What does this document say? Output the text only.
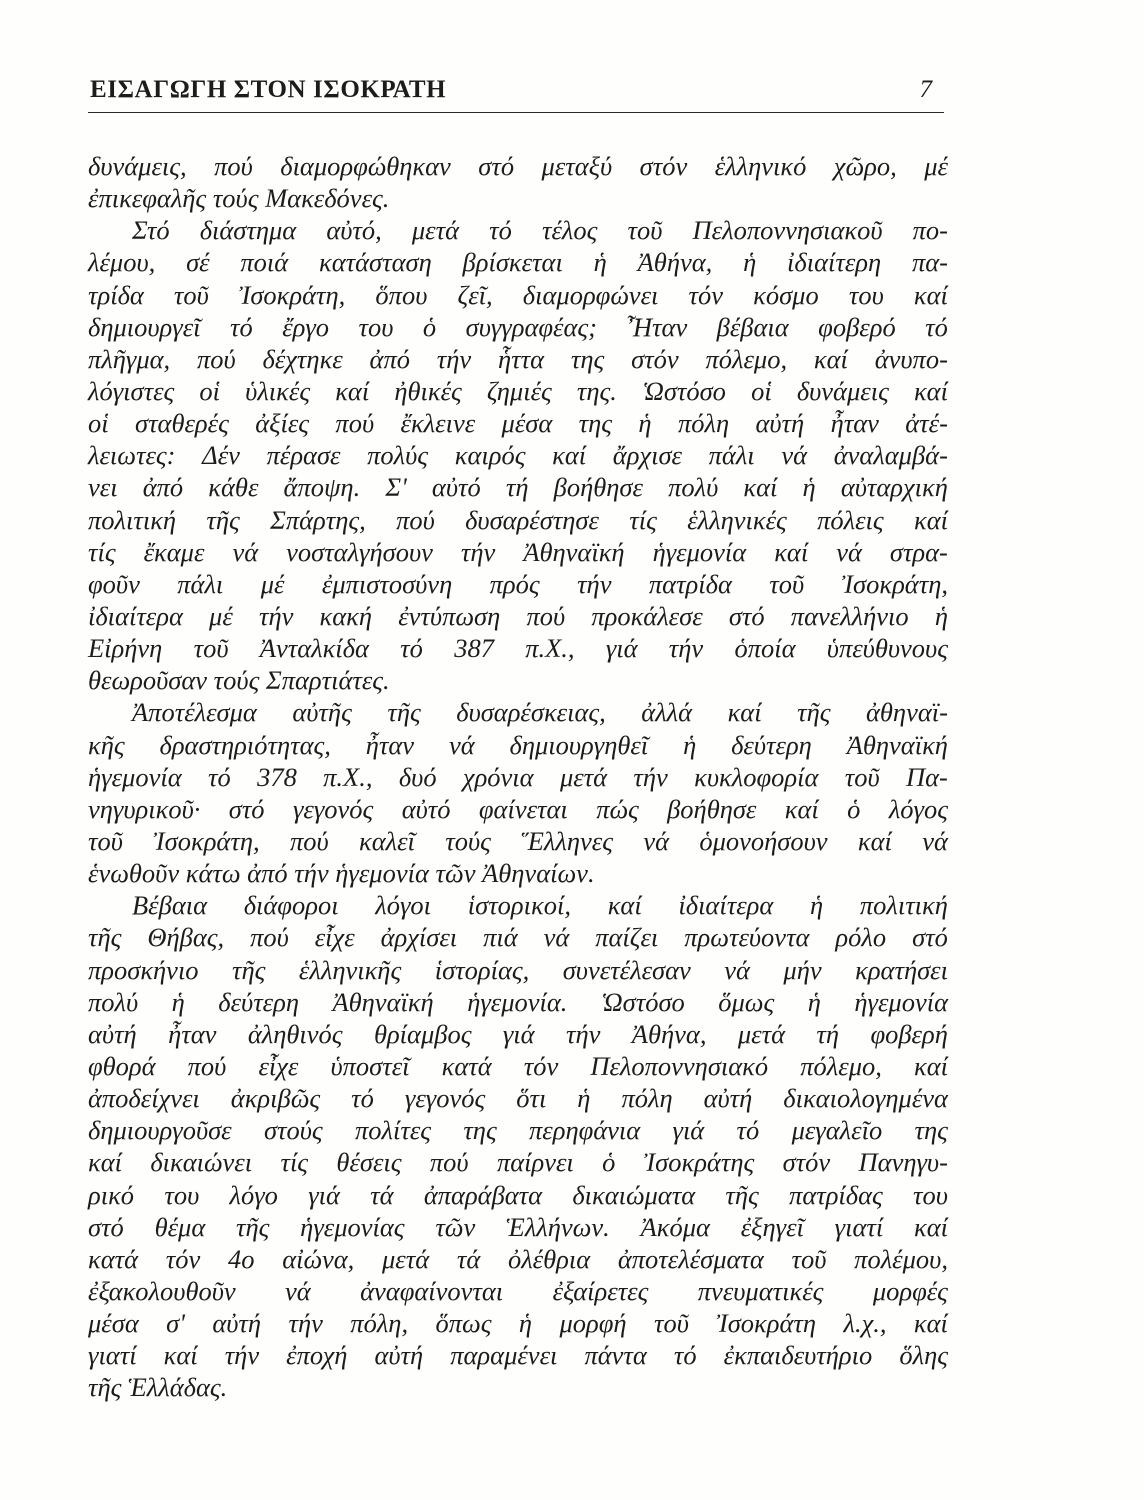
ΕΙΣΑΓΩΓΗ ΣΤΟΝ ΙΣΟΚΡΑΤΗ	7
δυνάμεις, πού διαμορφώθηκαν στό μεταξύ στόν ἑλληνικό χῶρο, μέ
ἐπικεφαλῆς τούς Μακεδόνες.
Στό διάστημα αὐτό, μετά τό τέλος τοῦ Πελοποννησιακοῦ πο-
λέμου, σέ ποιά κατάσταση βρίσκεται ἡ Ἀθήνα, ἡ ἰδιαίτερη πα-
τρίδα τοῦ Ἰσοκράτη, ὅπου ζεῖ, διαμορφώνει τόν κόσμο του καί
δημιουργεῖ τό ἔργο του ὁ συγγραφέας; Ἦταν βέβαια φοβερό τό
πλῆγμα, πού δέχτηκε ἀπό τήν ἧττα της στόν πόλεμο, καί ἀνυπο-
λόγιστες οἱ ὑλικές καί ἠθικές ζημιές της. Ὡστόσο οἱ δυνάμεις καί
οἱ σταθερές ἀξίες πού ἔκλεινε μέσα της ἡ πόλη αὐτή ἦταν ἀτέ-
λειωτες: Δέν πέρασε πολύς καιρός καί ἄρχισε πάλι νά ἀναλαμβά-
νει ἀπό κάθε ἄποψη. Σ' αὐτό τή βοήθησε πολύ καί ἡ αὐταρχική
πολιτική τῆς Σπάρτης, πού δυσαρέστησε τίς ἑλληνικές πόλεις καί
τίς ἔκαμε νά νοσταλγήσουν τήν Ἀθηναϊκή ἡγεμονία καί νά στρα-
φοῦν πάλι μέ ἐμπιστοσύνη πρός τήν πατρίδα τοῦ Ἰσοκράτη,
ἰδιαίτερα μέ τήν κακή ἐντύπωση πού προκάλεσε στό πανελλήνιο ἡ
Εἰρήνη τοῦ Ἀνταλκίδα τό 387 π.Χ., γιά τήν ὁποία ὑπεύθυνους
θεωροῦσαν τούς Σπαρτιάτες.
Ἀποτέλεσμα αὐτῆς τῆς δυσαρέσκειας, ἀλλά καί τῆς ἀθηναϊ-
κῆς δραστηριότητας, ἦταν νά δημιουργηθεῖ ἡ δεύτερη Ἀθηναϊκή
ἡγεμονία τό 378 π.Χ., δυό χρόνια μετά τήν κυκλοφορία τοῦ Πα-
νηγυρικοῦ· στό γεγονός αὐτό φαίνεται πώς βοήθησε καί ὁ λόγος
τοῦ Ἰσοκράτη, πού καλεῖ τούς Ἕλληνες νά ὁμονοήσουν καί νά
ἑνωθοῦν κάτω ἀπό τήν ἡγεμονία τῶν Ἀθηναίων.
Βέβαια διάφοροι λόγοι ἱστορικοί, καί ἰδιαίτερα ἡ πολιτική
τῆς Θήβας, πού εἶχε ἀρχίσει πιά νά παίζει πρωτεύοντα ρόλο στό
προσκήνιο τῆς ἑλληνικῆς ἱστορίας, συνετέλεσαν νά μήν κρατήσει
πολύ ἡ δεύτερη Ἀθηναϊκή ἡγεμονία. Ὡστόσο ὅμως ἡ ἡγεμονία
αὐτή ἦταν ἀληθινός θρίαμβος γιά τήν Ἀθήνα, μετά τή φοβερή
φθορά πού εἶχε ὑποστεῖ κατά τόν Πελοποννησιακό πόλεμο, καί
ἀποδείχνει ἀκριβῶς τό γεγονός ὅτι ἡ πόλη αὐτή δικαιολογημένα
δημιουργοῦσε στούς πολίτες της περηφάνια γιά τό μεγαλεῖο της
καί δικαιώνει τίς θέσεις πού παίρνει ὁ Ἰσοκράτης στόν Πανηγυ-
ρικό του λόγο γιά τά ἀπαράβατα δικαιώματα τῆς πατρίδας του
στό θέμα τῆς ἡγεμονίας τῶν Ἑλλήνων. Ἀκόμα ἐξηγεῖ γιατί καί
κατά τόν 4ο αἰώνα, μετά τά ὀλέθρια ἀποτελέσματα τοῦ πολέμου,
ἐξακολουθοῦν νά ἀναφαίνονται ἐξαίρετες πνευματικές μορφές
μέσα σ' αὐτή τήν πόλη, ὅπως ἡ μορφή τοῦ Ἰσοκράτη λ.χ., καί
γιατί καί τήν ἐποχή αὐτή παραμένει πάντα τό ἐκπαιδευτήριο ὅλης
τῆς Ἑλλάδας.
